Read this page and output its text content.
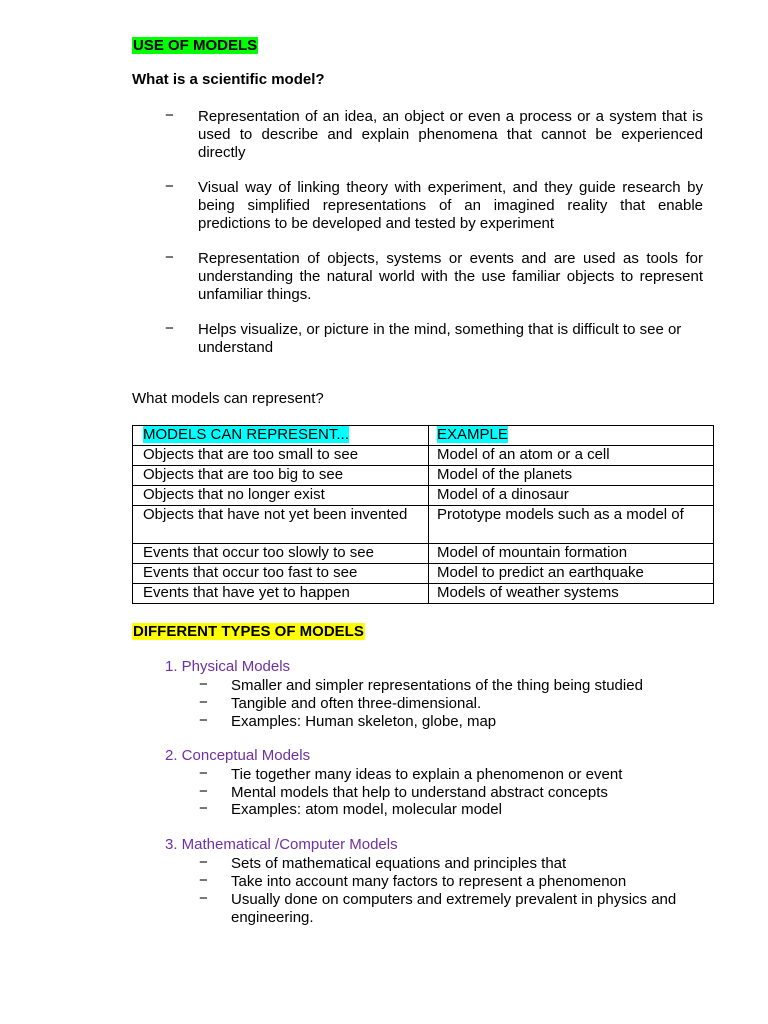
USE OF MODELS
What is a scientific model?
− Representation of an idea, an object or even a process or a system that is used to describe and explain phenomena that cannot be experienced directly
− Visual way of linking theory with experiment, and they guide research by being simplified representations of an imagined reality that enable predictions to be developed and tested by experiment
− Representation of objects, systems or events and are used as tools for understanding the natural world with the use familiar objects to represent unfamiliar things.
− Helps visualize, or picture in the mind, something that is difficult to see or understand
What models can represent?
MODELS CAN REPRESENT...	EXAMPLE
Objects that are too small to see	Model of an atom or a cell
Objects that are too big to see	Model of the planets
Objects that no longer exist	Model of a dinosaur
Objects that have not yet been invented	Prototype models such as a model of
Events that occur too slowly to see	Model of mountain formation
Events that occur too fast to see	Model to predict an earthquake
Events that have yet to happen	Models of weather systems
DIFFERENT TYPES OF MODELS
1. Physical Models
− Smaller and simpler representations of the thing being studied
− Tangible and often three-dimensional.
− Examples: Human skeleton, globe, map
2. Conceptual Models
− Tie together many ideas to explain a phenomenon or event
− Mental models that help to understand abstract concepts
− Examples: atom model, molecular model
3. Mathematical /Computer Models
− Sets of mathematical equations and principles that
− Take into account many factors to represent a phenomenon
− Usually done on computers and extremely prevalent in physics and engineering.
